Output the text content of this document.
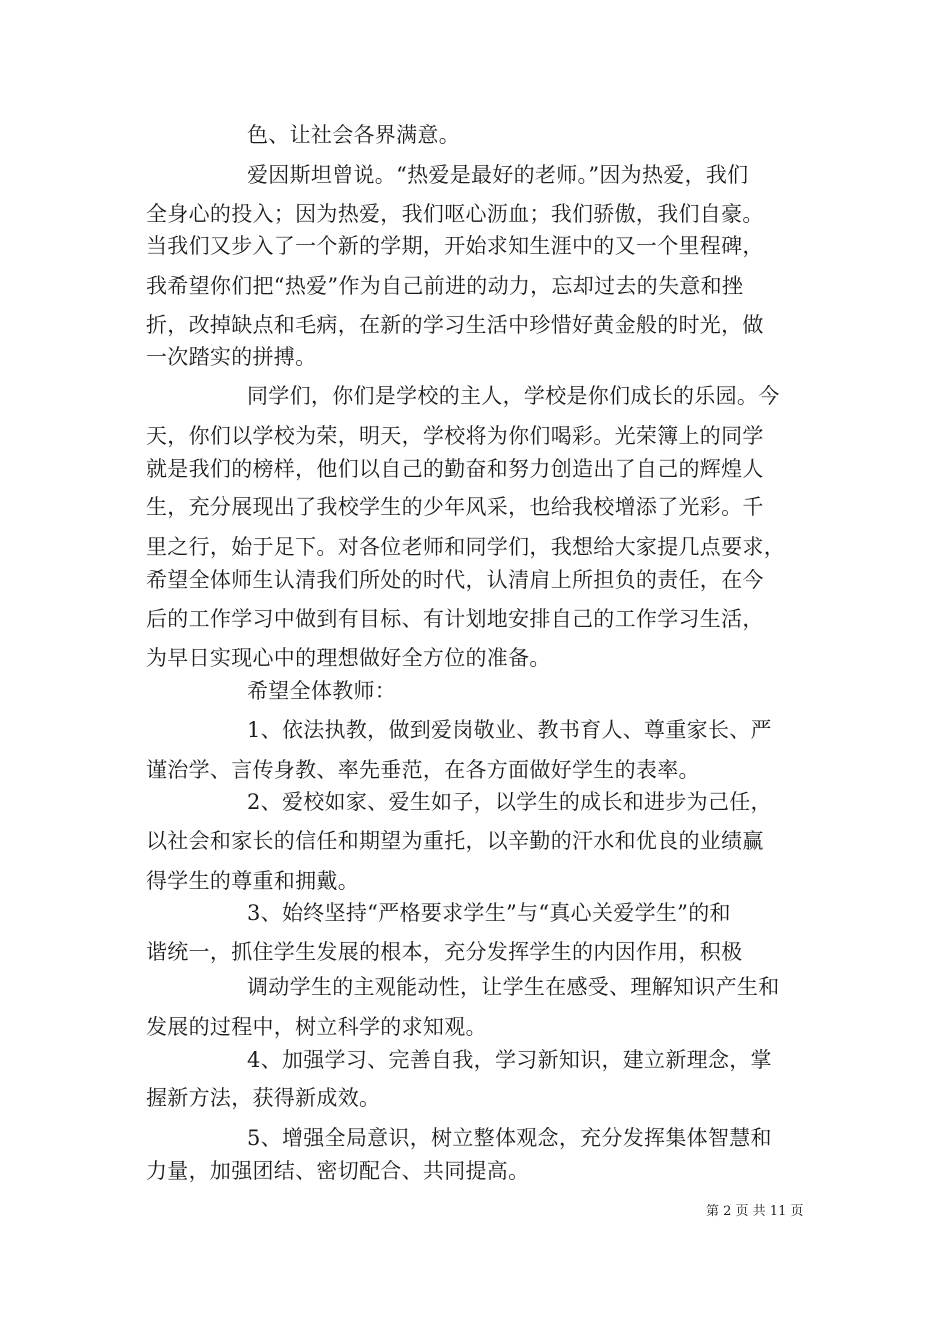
色、让社会各界满意。
爱因斯坦曾说。“热爱是最好的老师。”因为热爱，我们
全身心的投入；因为热爱，我们呕心沥血；我们骄傲，我们自豪。
当我们又步入了一个新的学期，开始求知生涯中的又一个里程碑，
我希望你们把“热爱”作为自己前进的动力，忘却过去的失意和挫
折，改掉缺点和毛病，在新的学习生活中珍惜好黄金般的时光，做
一次踏实的拼搏。
同学们，你们是学校的主人，学校是你们成长的乐园。今
天，你们以学校为荣，明天，学校将为你们喝彩。光荣簿上的同学
就是我们的榜样，他们以自己的勤奋和努力创造出了自己的辉煌人
生，充分展现出了我校学生的少年风采，也给我校增添了光彩。千
里之行，始于足下。对各位老师和同学们，我想给大家提几点要求，
希望全体师生认清我们所处的时代，认清肩上所担负的责任，在今
后的工作学习中做到有目标、有计划地安排自己的工作学习生活，
为早日实现心中的理想做好全方位的准备。
希望全体教师：
1、依法执教，做到爱岗敬业、教书育人、尊重家长、严
谨治学、言传身教、率先垂范，在各方面做好学生的表率。
2、爱校如家、爱生如子，以学生的成长和进步为己任，
以社会和家长的信任和期望为重托，以辛勤的汗水和优良的业绩赢
得学生的尊重和拥戴。
3、始终坚持“严格要求学生”与“真心关爱学生”的和
谐统一，抓住学生发展的根本，充分发挥学生的内因作用，积极
调动学生的主观能动性，让学生在感受、理解知识产生和
发展的过程中，树立科学的求知观。
4、加强学习、完善自我，学习新知识，建立新理念，掌
握新方法，获得新成效。
5、增强全局意识，树立整体观念，充分发挥集体智慧和
力量，加强团结、密切配合、共同提高。
第 2 页 共 11 页
